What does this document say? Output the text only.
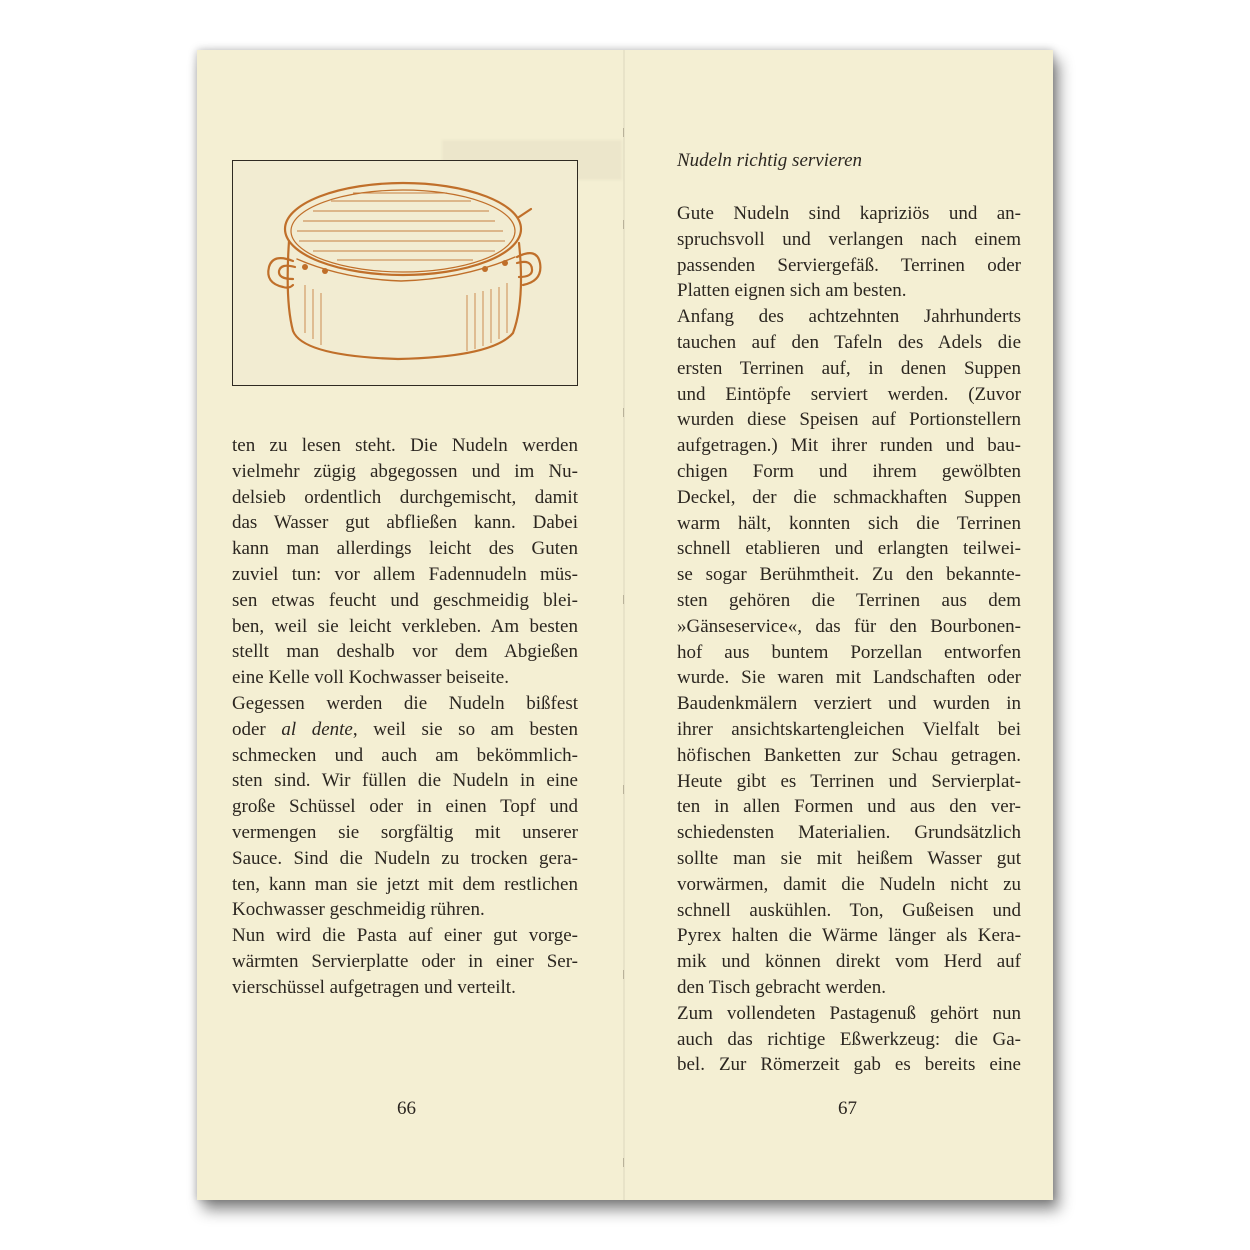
ten zu lesen steht. Die Nudeln werden
vielmehr zügig abgegossen und im Nu-
delsieb ordentlich durchgemischt, damit
das Wasser gut abfließen kann. Dabei
kann man allerdings leicht des Guten
zuviel tun: vor allem Fadennudeln müs-
sen etwas feucht und geschmeidig blei-
ben, weil sie leicht verkleben. Am besten
stellt man deshalb vor dem Abgießen
eine Kelle voll Kochwasser beiseite.
Gegessen werden die Nudeln bißfest
oder al dente, weil sie so am besten
schmecken und auch am bekömmlich-
sten sind. Wir füllen die Nudeln in eine
große Schüssel oder in einen Topf und
vermengen sie sorgfältig mit unserer
Sauce. Sind die Nudeln zu trocken gera-
ten, kann man sie jetzt mit dem restlichen
Kochwasser geschmeidig rühren.
Nun wird die Pasta auf einer gut vorge-
wärmten Servierplatte oder in einer Ser-
vierschüssel aufgetragen und verteilt.
66
Nudeln richtig servieren
Gute Nudeln sind kapriziös und an-
spruchsvoll und verlangen nach einem
passenden Serviergefäß. Terrinen oder
Platten eignen sich am besten.
Anfang des achtzehnten Jahrhunderts
tauchen auf den Tafeln des Adels die
ersten Terrinen auf, in denen Suppen
und Eintöpfe serviert werden. (Zuvor
wurden diese Speisen auf Portionstellern
aufgetragen.) Mit ihrer runden und bau-
chigen Form und ihrem gewölbten
Deckel, der die schmackhaften Suppen
warm hält, konnten sich die Terrinen
schnell etablieren und erlangten teilwei-
se sogar Berühmtheit. Zu den bekannte-
sten gehören die Terrinen aus dem
»Gänseservice«, das für den Bourbonen-
hof aus buntem Porzellan entworfen
wurde. Sie waren mit Landschaften oder
Baudenkmälern verziert und wurden in
ihrer ansichtskartengleichen Vielfalt bei
höfischen Banketten zur Schau getragen.
Heute gibt es Terrinen und Servierplat-
ten in allen Formen und aus den ver-
schiedensten Materialien. Grundsätzlich
sollte man sie mit heißem Wasser gut
vorwärmen, damit die Nudeln nicht zu
schnell auskühlen. Ton, Gußeisen und
Pyrex halten die Wärme länger als Kera-
mik und können direkt vom Herd auf
den Tisch gebracht werden.
Zum vollendeten Pastagenuß gehört nun
auch das richtige Eßwerkzeug: die Ga-
bel. Zur Römerzeit gab es bereits eine
67
